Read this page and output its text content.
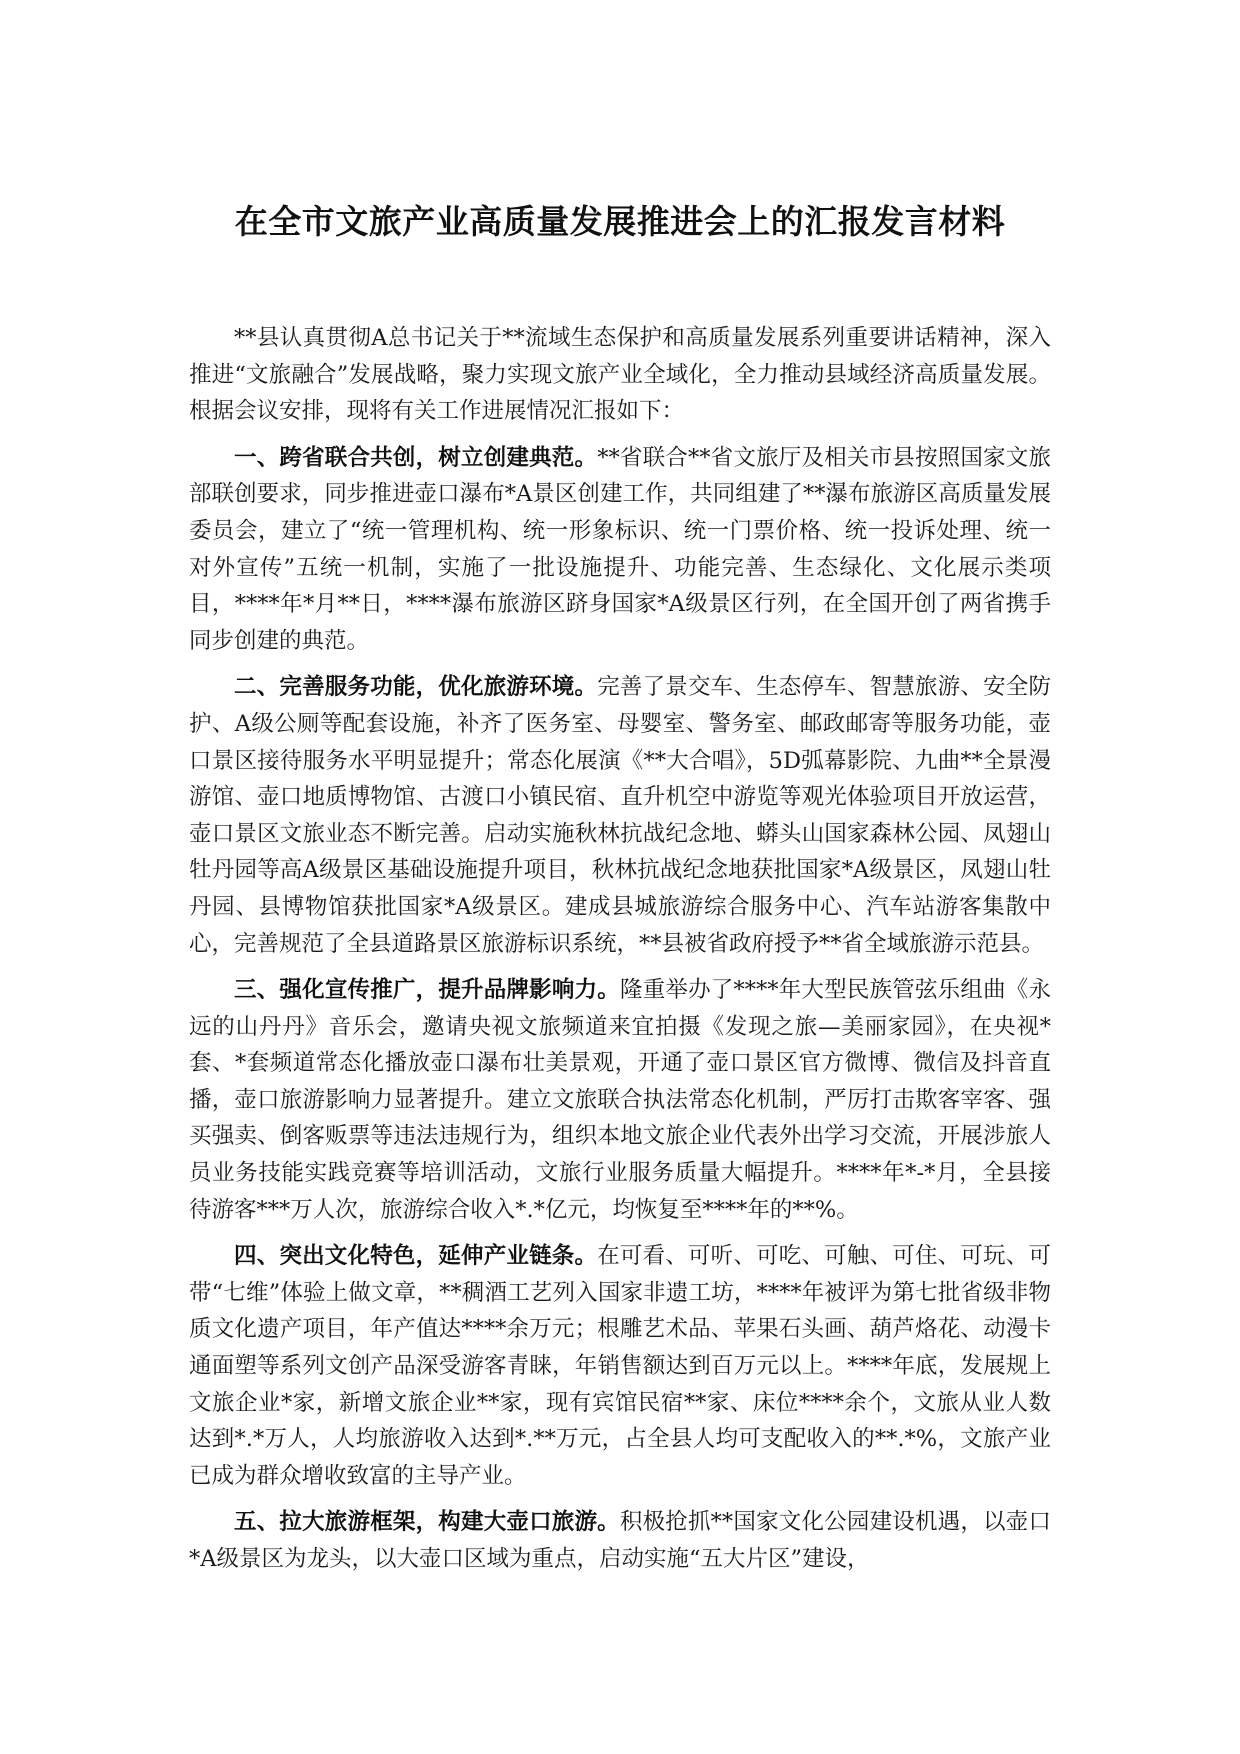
在全市文旅产业高质量发展推进会上的汇报发言材料

**县认真贯彻A总书记关于**流域生态保护和高质量发展系列重要讲话精神，深入推进“文旅融合”发展战略，聚力实现文旅产业全域化，全力推动县域经济高质量发展。根据会议安排，现将有关工作进展情况汇报如下：

一、跨省联合共创，树立创建典范。**省联合**省文旅厅及相关市县按照国家文旅部联创要求，同步推进壶口瀑布*A景区创建工作，共同组建了**瀑布旅游区高质量发展委员会，建立了“统一管理机构、统一形象标识、统一门票价格、统一投诉处理、统一对外宣传”五统一机制，实施了一批设施提升、功能完善、生态绿化、文化展示类项目，****年*月**日，****瀑布旅游区跻身国家*A级景区行列，在全国开创了两省携手同步创建的典范。

二、完善服务功能，优化旅游环境。完善了景交车、生态停车、智慧旅游、安全防护、A级公厕等配套设施，补齐了医务室、母婴室、警务室、邮政邮寄等服务功能，壶口景区接待服务水平明显提升；常态化展演《**大合唱》，5D弧幕影院、九曲**全景漫游馆、壶口地质博物馆、古渡口小镇民宿、直升机空中游览等观光体验项目开放运营，壶口景区文旅业态不断完善。启动实施秋林抗战纪念地、蟒头山国家森林公园、凤翅山牡丹园等高A级景区基础设施提升项目，秋林抗战纪念地获批国家*A级景区，凤翅山牡丹园、县博物馆获批国家*A级景区。建成县城旅游综合服务中心、汽车站游客集散中心，完善规范了全县道路景区旅游标识系统，**县被省政府授予**省全域旅游示范县。

三、强化宣传推广，提升品牌影响力。隆重举办了****年大型民族管弦乐组曲《永远的山丹丹》音乐会，邀请央视文旅频道来宜拍摄《发现之旅—美丽家园》，在央视*套、*套频道常态化播放壶口瀑布壮美景观，开通了壶口景区官方微博、微信及抖音直播，壶口旅游影响力显著提升。建立文旅联合执法常态化机制，严厉打击欺客宰客、强买强卖、倒客贩票等违法违规行为，组织本地文旅企业代表外出学习交流，开展涉旅人员业务技能实践竞赛等培训活动，文旅行业服务质量大幅提升。****年*-*月，全县接待游客***万人次，旅游综合收入*.*亿元，均恢复至****年的**%。

四、突出文化特色，延伸产业链条。在可看、可听、可吃、可触、可住、可玩、可带“七维”体验上做文章，**稠酒工艺列入国家非遗工坊，****年被评为第七批省级非物质文化遗产项目，年产值达****余万元；根雕艺术品、苹果石头画、葫芦烙花、动漫卡通面塑等系列文创产品深受游客青睐，年销售额达到百万元以上。****年底，发展规上文旅企业*家，新增文旅企业**家，现有宾馆民宿**家、床位****余个，文旅从业人数达到*.*万人，人均旅游收入达到*.**万元，占全县人均可支配收入的**.*%，文旅产业已成为群众增收致富的主导产业。

五、拉大旅游框架，构建大壶口旅游。积极抢抓**国家文化公园建设机遇，以壶口*A级景区为龙头，以大壶口区域为重点，启动实施“五大片区”建设，
